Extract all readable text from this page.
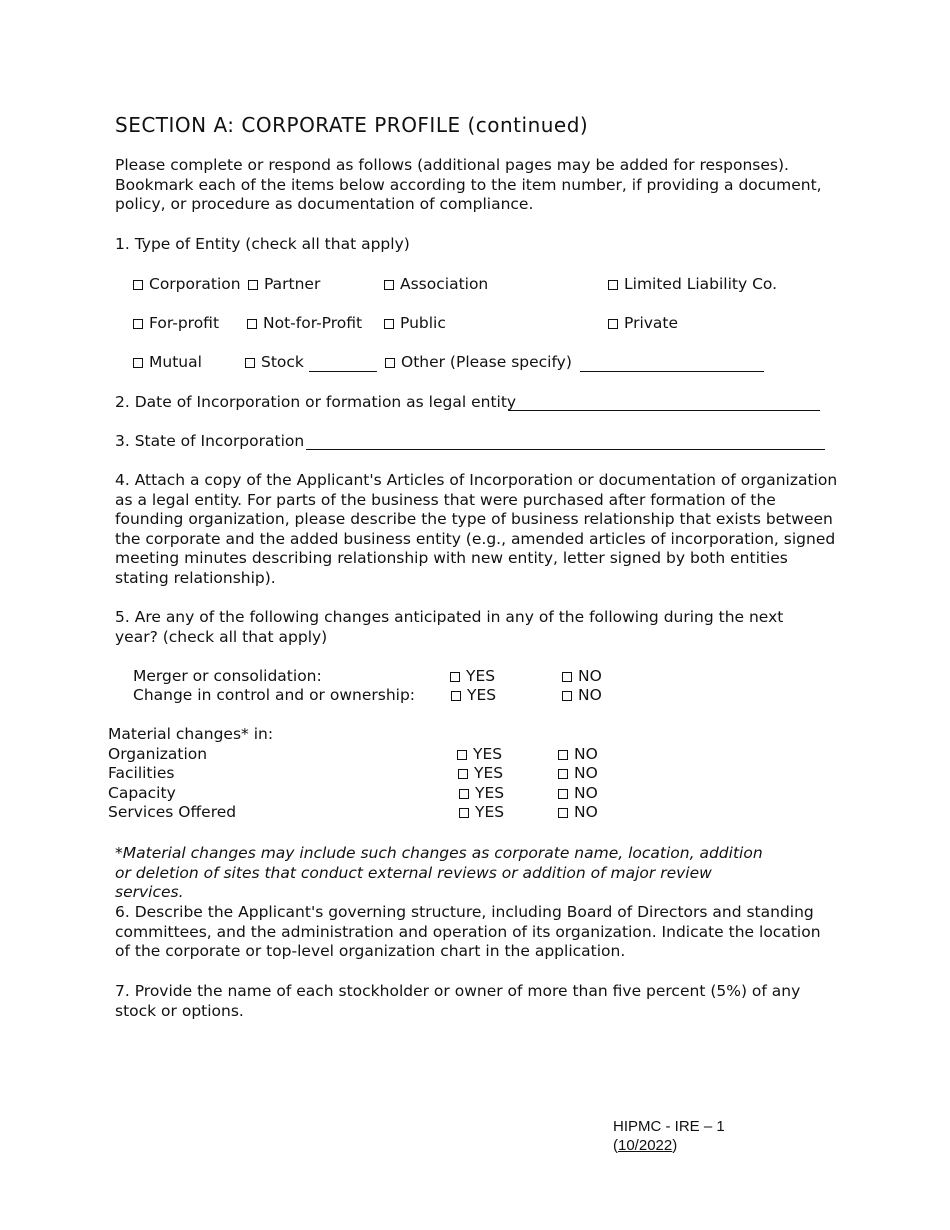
SECTION A: CORPORATE PROFILE (continued)
Please complete or respond as follows (additional pages may be added for responses). Bookmark each of the items below according to the item number, if providing a document, policy, or procedure as documentation of compliance.
1. Type of Entity (check all that apply)
Corporation	Partner	Association	Limited Liability Co.
For-profit	Not-for-Profit	Public	Private
Mutual	Stock	Other (Please specify)
2. Date of Incorporation or formation as legal entity
3. State of Incorporation
4. Attach a copy of the Applicant's Articles of Incorporation or documentation of organization as a legal entity. For parts of the business that were purchased after formation of the founding organization, please describe the type of business relationship that exists between the corporate and the added business entity (e.g., amended articles of incorporation, signed meeting minutes describing relationship with new entity, letter signed by both entities stating relationship).
5. Are any of the following changes anticipated in any of the following during the next year? (check all that apply)
Merger or consolidation:	YES	NO
Change in control and or ownership:	YES	NO
Material changes* in:
Organization	YES	NO
Facilities	YES	NO
Capacity	YES	NO
Services Offered	YES	NO
*Material changes may include such changes as corporate name, location, addition or deletion of sites that conduct external reviews or addition of major review services.
6. Describe the Applicant's governing structure, including Board of Directors and standing committees, and the administration and operation of its organization. Indicate the location of the corporate or top-level organization chart in the application.
7. Provide the name of each stockholder or owner of more than five percent (5%) of any stock or options.
HIPMC - IRE – 1
(10/2022)
